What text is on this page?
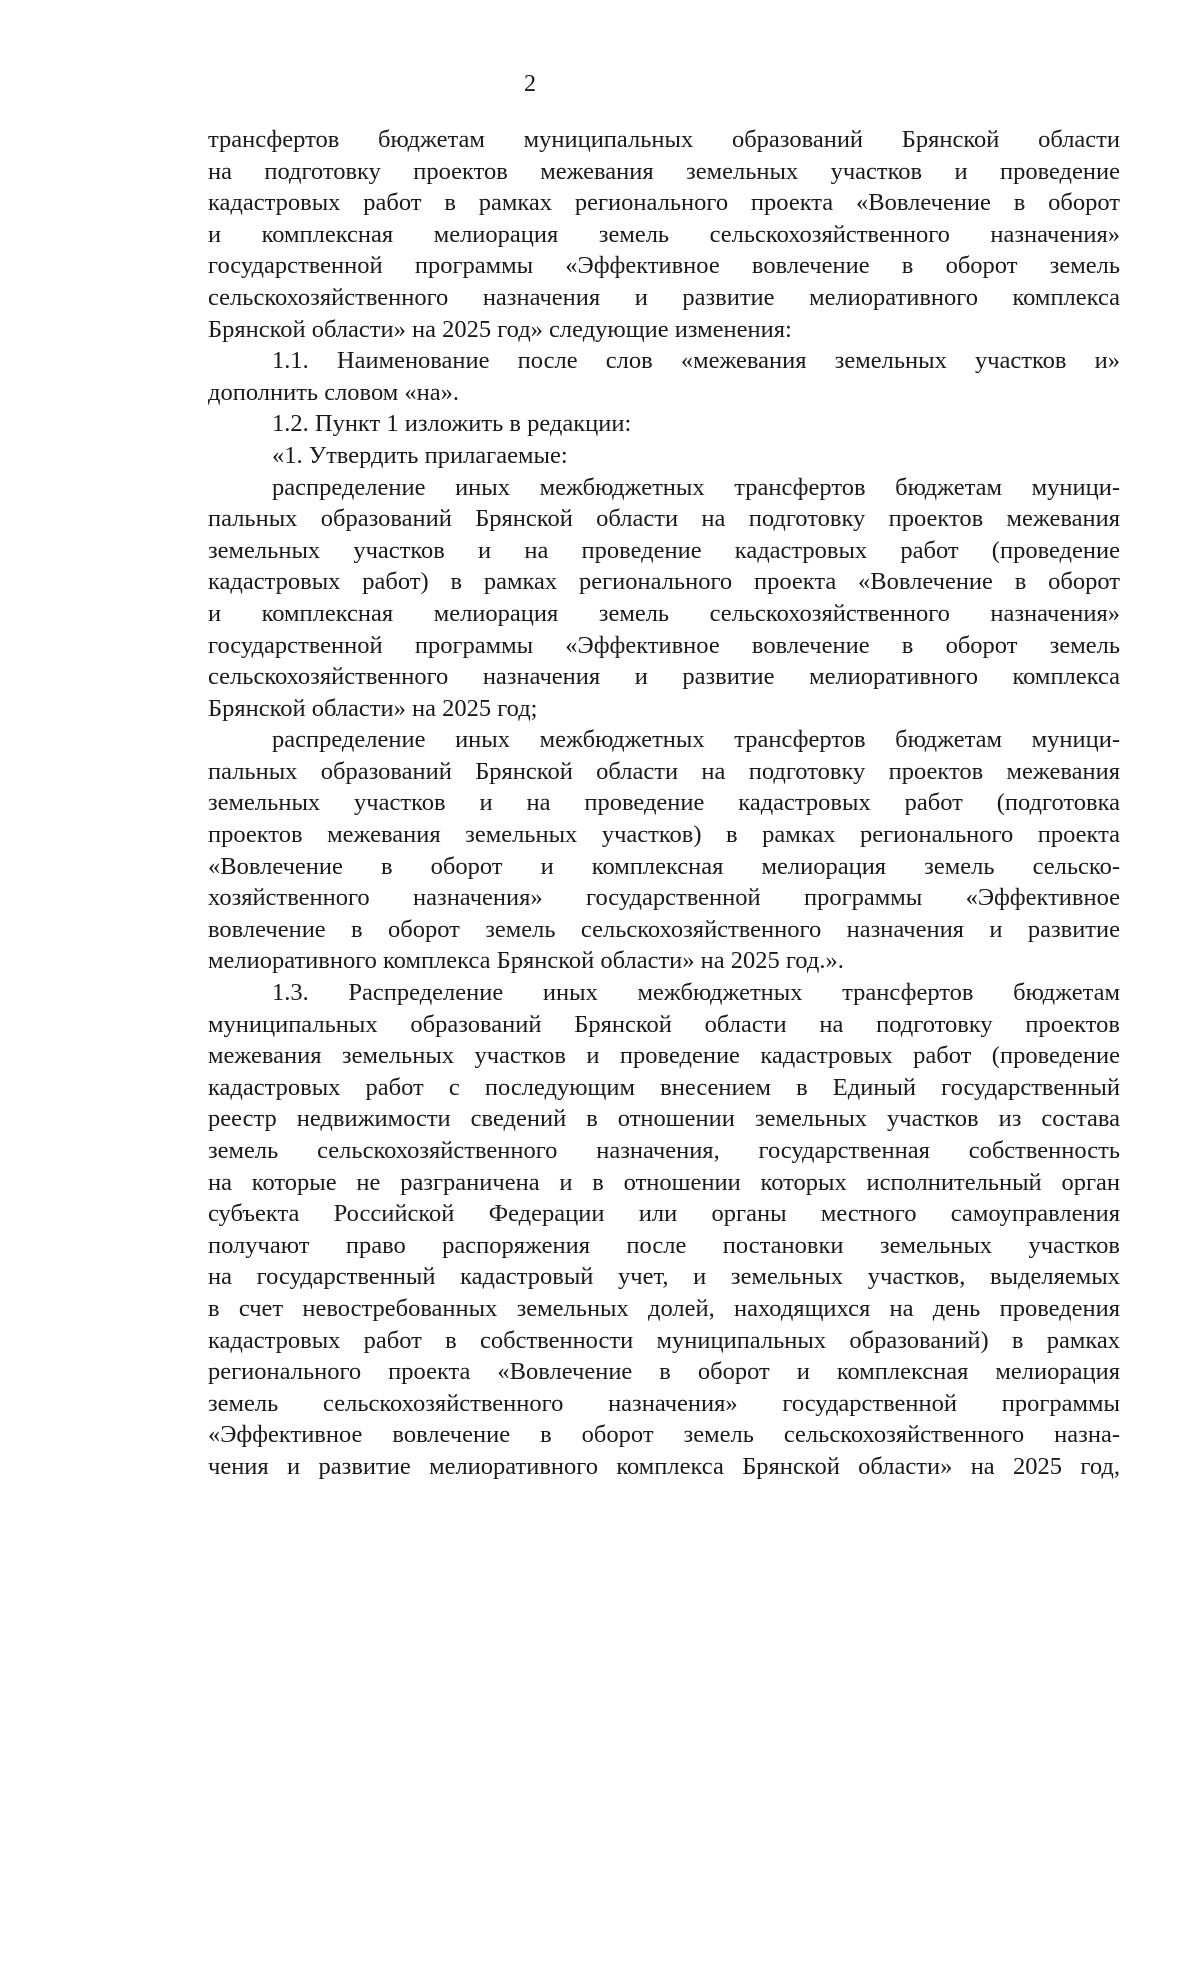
2
трансфертов бюджетам муниципальных образований Брянской области
на подготовку проектов межевания земельных участков и проведение
кадастровых работ в рамках регионального проекта «Вовлечение в оборот
и комплексная мелиорация земель сельскохозяйственного назначения»
государственной программы «Эффективное вовлечение в оборот земель
сельскохозяйственного назначения и развитие мелиоративного комплекса
Брянской области» на 2025 год» следующие изменения:
1.1. Наименование после слов «межевания земельных участков и»
дополнить словом «на».
1.2. Пункт 1 изложить в редакции:
«1. Утвердить прилагаемые:
распределение иных межбюджетных трансфертов бюджетам муници-
пальных образований Брянской области на подготовку проектов межевания
земельных участков и на проведение кадастровых работ (проведение
кадастровых работ) в рамках регионального проекта «Вовлечение в оборот
и комплексная мелиорация земель сельскохозяйственного назначения»
государственной программы «Эффективное вовлечение в оборот земель
сельскохозяйственного назначения и развитие мелиоративного комплекса
Брянской области» на 2025 год;
распределение иных межбюджетных трансфертов бюджетам муници-
пальных образований Брянской области на подготовку проектов межевания
земельных участков и на проведение кадастровых работ (подготовка
проектов межевания земельных участков) в рамках регионального проекта
«Вовлечение в оборот и комплексная мелиорация земель сельско-
хозяйственного назначения» государственной программы «Эффективное
вовлечение в оборот земель сельскохозяйственного назначения и развитие
мелиоративного комплекса Брянской области» на 2025 год.».
1.3. Распределение иных межбюджетных трансфертов бюджетам
муниципальных образований Брянской области на подготовку проектов
межевания земельных участков и проведение кадастровых работ (проведение
кадастровых работ с последующим внесением в Единый государственный
реестр недвижимости сведений в отношении земельных участков из состава
земель сельскохозяйственного назначения, государственная собственность
на которые не разграничена и в отношении которых исполнительный орган
субъекта Российской Федерации или органы местного самоуправления
получают право распоряжения после постановки земельных участков
на государственный кадастровый учет, и земельных участков, выделяемых
в счет невостребованных земельных долей, находящихся на день проведения
кадастровых работ в собственности муниципальных образований) в рамках
регионального проекта «Вовлечение в оборот и комплексная мелиорация
земель сельскохозяйственного назначения» государственной программы
«Эффективное вовлечение в оборот земель сельскохозяйственного назна-
чения и развитие мелиоративного комплекса Брянской области» на 2025 год,
